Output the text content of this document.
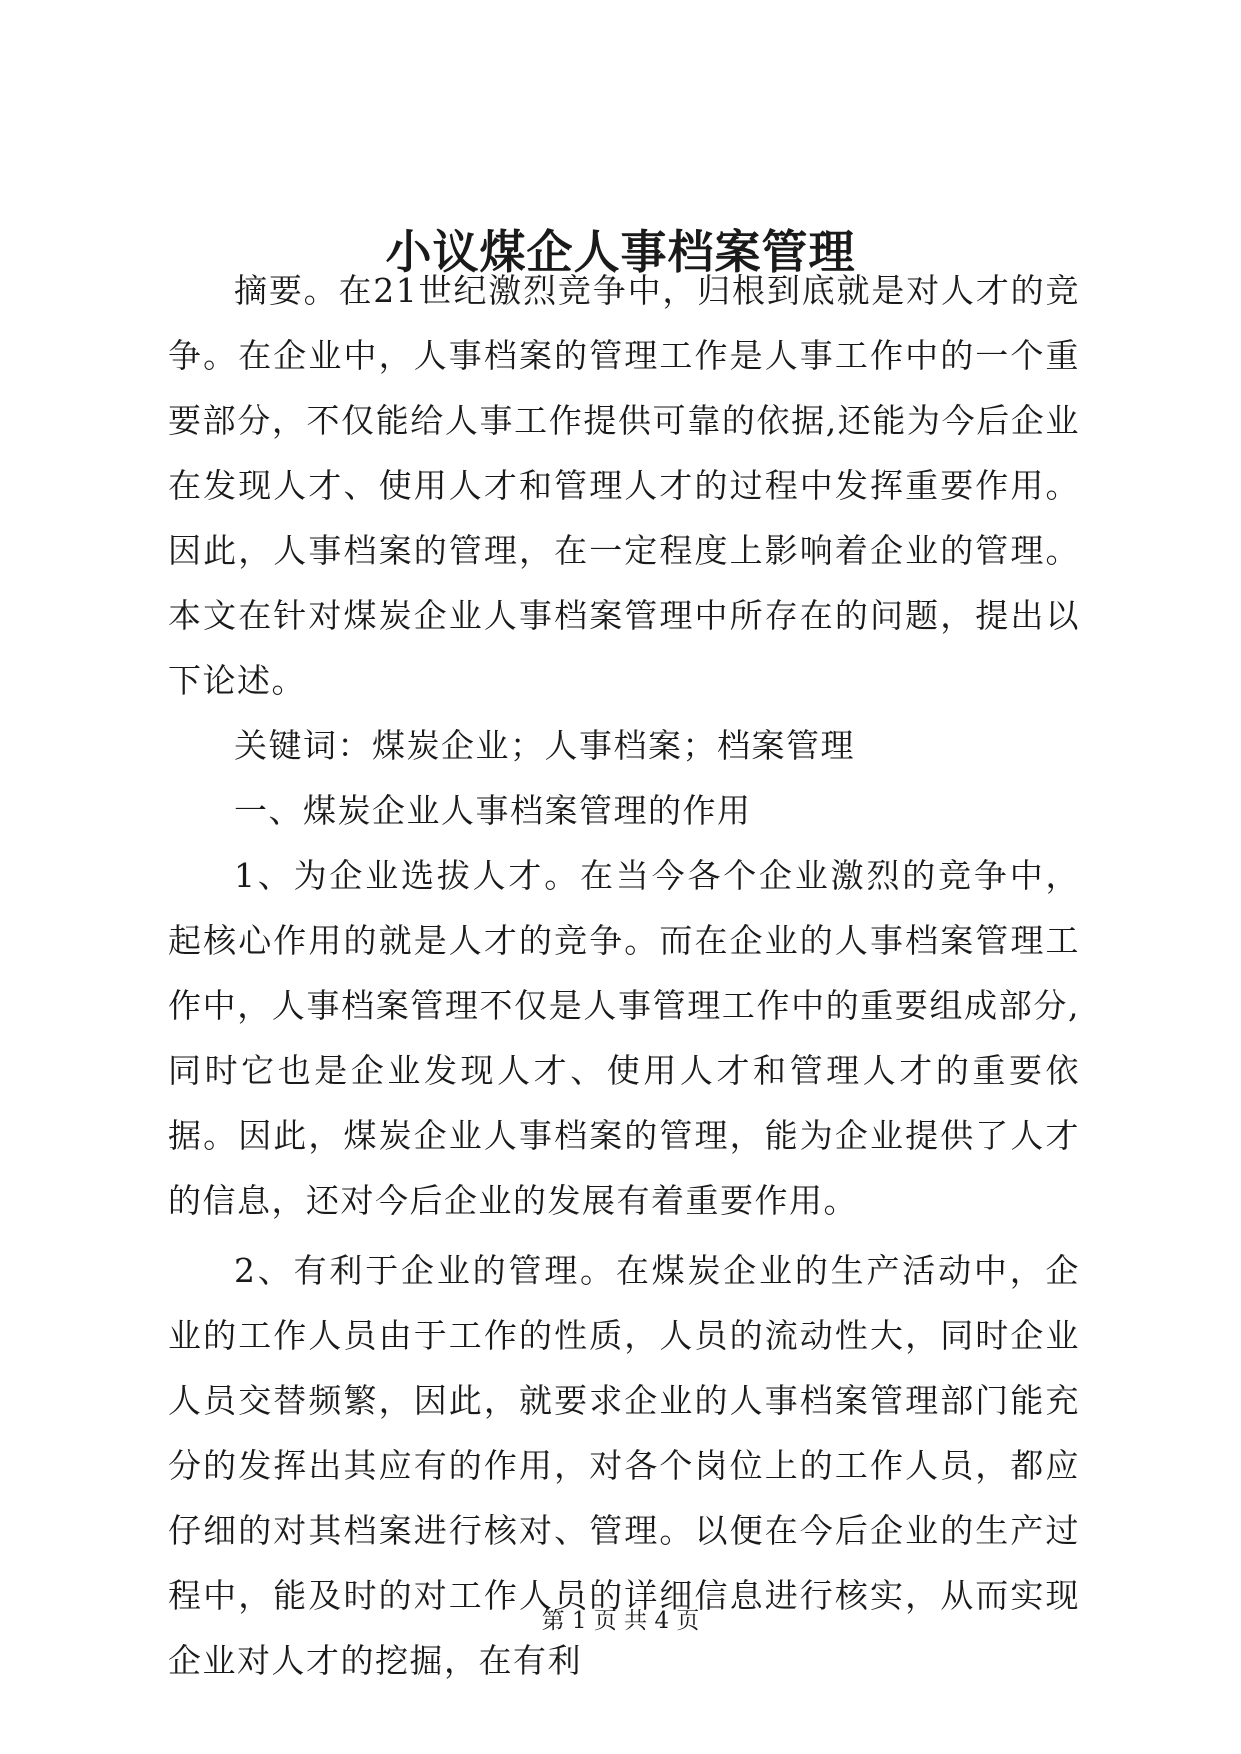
小议煤企人事档案管理

摘要。在21世纪激烈竞争中，归根到底就是对人才的竞争。在企业中，人事档案的管理工作是人事工作中的一个重要部分，不仅能给人事工作提供可靠的依据,还能为今后企业在发现人才、使用人才和管理人才的过程中发挥重要作用。因此，人事档案的管理，在一定程度上影响着企业的管理。本文在针对煤炭企业人事档案管理中所存在的问题，提出以下论述。

关键词：煤炭企业；人事档案；档案管理

一、煤炭企业人事档案管理的作用

1、为企业选拔人才。在当今各个企业激烈的竞争中，起核心作用的就是人才的竞争。而在企业的人事档案管理工作中，人事档案管理不仅是人事管理工作中的重要组成部分,同时它也是企业发现人才、使用人才和管理人才的重要依据。因此，煤炭企业人事档案的管理，能为企业提供了人才的信息，还对今后企业的发展有着重要作用。

2、有利于企业的管理。在煤炭企业的生产活动中，企业的工作人员由于工作的性质，人员的流动性大，同时企业人员交替频繁，因此，就要求企业的人事档案管理部门能充分的发挥出其应有的作用，对各个岗位上的工作人员，都应仔细的对其档案进行核对、管理。以便在今后企业的生产过程中，能及时的对工作人员的详细信息进行核实，从而实现企业对人才的挖掘，在有利

第 1 页 共 4 页
